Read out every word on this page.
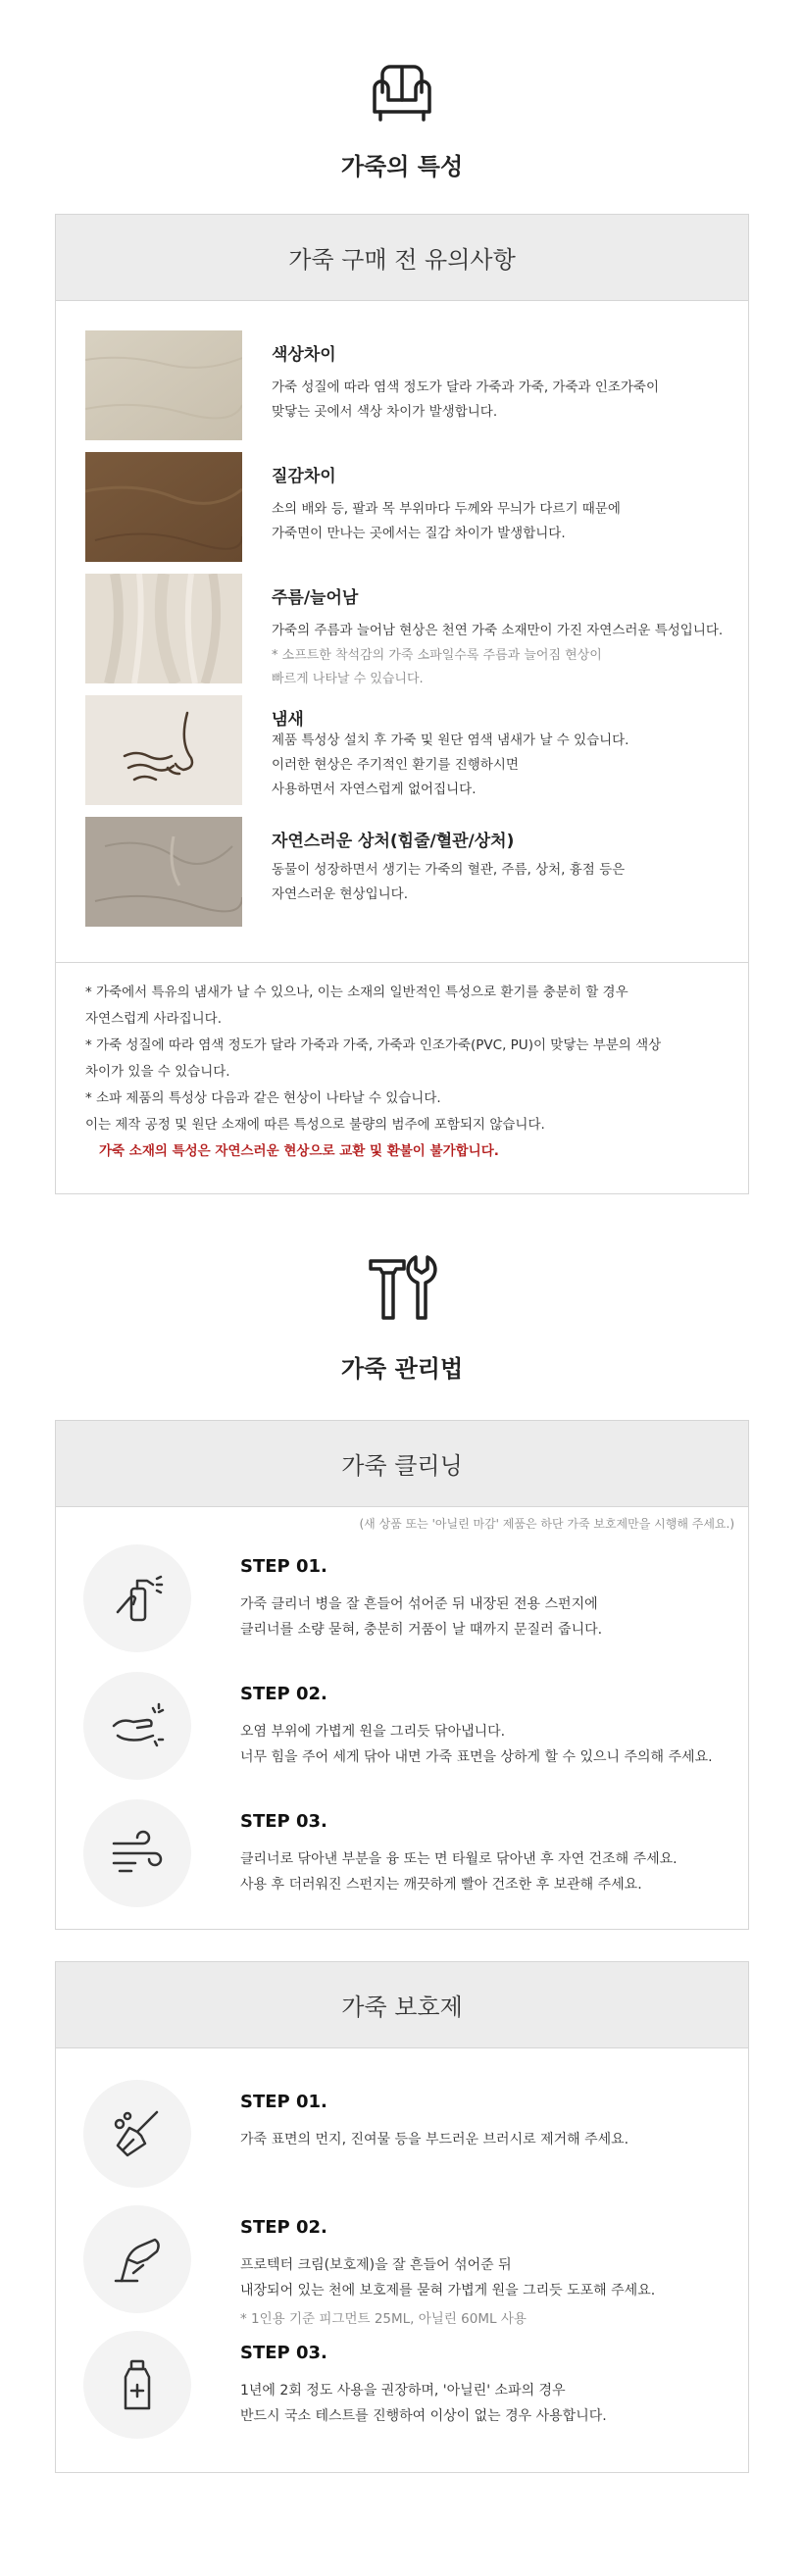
가죽의 특성
가죽 구매 전 유의사항
색상차이
가죽 성질에 따라 염색 정도가 달라 가죽과 가죽, 가죽과 인조가죽이
맞닿는 곳에서 색상 차이가 발생합니다.
질감차이
소의 배와 등, 팔과 목 부위마다 두께와 무늬가 다르기 때문에
가죽면이 만나는 곳에서는 질감 차이가 발생합니다.
주름/늘어남
가죽의 주름과 늘어남 현상은 천연 가죽 소재만이 가진 자연스러운 특성입니다.
* 소프트한 착석감의 가죽 소파일수록 주름과 늘어짐 현상이
빠르게 나타날 수 있습니다.
냄새
제품 특성상 설치 후 가죽 및 원단 염색 냄새가 날 수 있습니다.
이러한 현상은 주기적인 환기를 진행하시면
사용하면서 자연스럽게 없어집니다.
자연스러운 상처(힘줄/혈관/상처)
동물이 성장하면서 생기는 가죽의 혈관, 주름, 상처, 흉점 등은
자연스러운 현상입니다.
* 가죽에서 특유의 냄새가 날 수 있으나, 이는 소재의 일반적인 특성으로 환기를 충분히 할 경우
자연스럽게 사라집니다.
* 가죽 성질에 따라 염색 정도가 달라 가죽과 가죽, 가죽과 인조가죽(PVC, PU)이 맞닿는 부분의 색상
차이가 있을 수 있습니다.
* 소파 제품의 특성상 다음과 같은 현상이 나타날 수 있습니다.
이는 제작 공정 및 원단 소재에 따른 특성으로 불량의 범주에 포함되지 않습니다.
가죽 소재의 특성은 자연스러운 현상으로 교환 및 환불이 불가합니다.
가죽 관리법
가죽 클리닝
(새 상품 또는 '아닐린 마감' 제품은 하단 가죽 보호제만을 시행해 주세요.)
STEP 01.
가죽 클리너 병을 잘 흔들어 섞어준 뒤 내장된 전용 스펀지에
클리너를 소량 묻혀, 충분히 거품이 날 때까지 문질러 줍니다.
STEP 02.
오염 부위에 가볍게 원을 그리듯 닦아냅니다.
너무 힘을 주어 세게 닦아 내면 가죽 표면을 상하게 할 수 있으니 주의해 주세요.
STEP 03.
클리너로 닦아낸 부분을 융 또는 면 타월로 닦아낸 후 자연 건조해 주세요.
사용 후 더러워진 스펀지는 깨끗하게 빨아 건조한 후 보관해 주세요.
가죽 보호제
STEP 01.
가죽 표면의 먼지, 진여물 등을 부드러운 브러시로 제거해 주세요.
STEP 02.
프로텍터 크림(보호제)을 잘 흔들어 섞어준 뒤
내장되어 있는 천에 보호제를 묻혀 가볍게 원을 그리듯 도포해 주세요.
* 1인용 기준 피그먼트 25ML, 아닐린 60ML 사용
STEP 03.
1년에 2회 정도 사용을 권장하며, '아닐린' 소파의 경우
반드시 국소 테스트를 진행하여 이상이 없는 경우 사용합니다.
